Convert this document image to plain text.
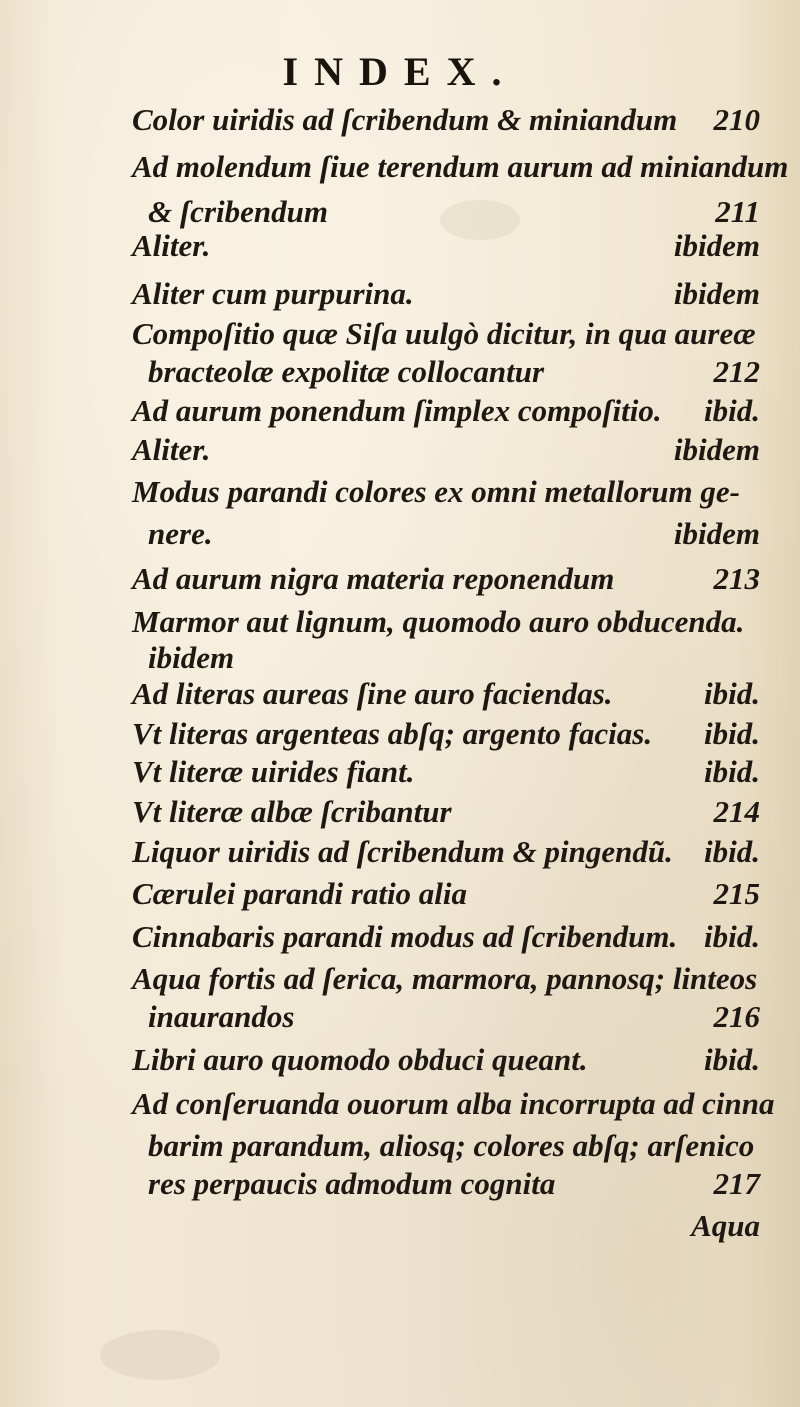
INDEX.
Color uiridis ad ſcribendum & miniandum 210
Ad molendum ſiue terendum aurum ad miniandum
& ſcribendum	211
Aliter.	ibidem
Aliter cum purpurina.	ibidem
Compoſitio quæ Siſa uulgò dicitur, in qua aureæ
bracteolæ expolitæ collocantur	212
Ad aurum ponendum ſimplex compoſitio. ibid.
Aliter.	ibidem
Modus parandi colores ex omni metallorum ge-
nere.	ibidem
Ad aurum nigra materia reponendum	213
Marmor aut lignum, quomodo auro obducenda.
ibidem
Ad literas aureas ſine auro faciendas.	ibid.
Vt literas argenteas abſq; argento facias. ibid.
Vt literæ uirides fiant.	ibid.
Vt literæ albæ ſcribantur	214
Liquor uiridis ad ſcribendum & pingendũ. ibid.
Cærulei parandi ratio alia	215
Cinnabaris parandi modus ad ſcribendum. ibid.
Aqua fortis ad ſerica, marmora, pannosq; linteos
inaurandos	216
Libri auro quomodo obduci queant.	ibid.
Ad conſeruanda ouorum alba incorrupta ad cinna
barim parandum, aliosq; colores abſq; arſenico
res perpaucis admodum cognita	217
Aqua
